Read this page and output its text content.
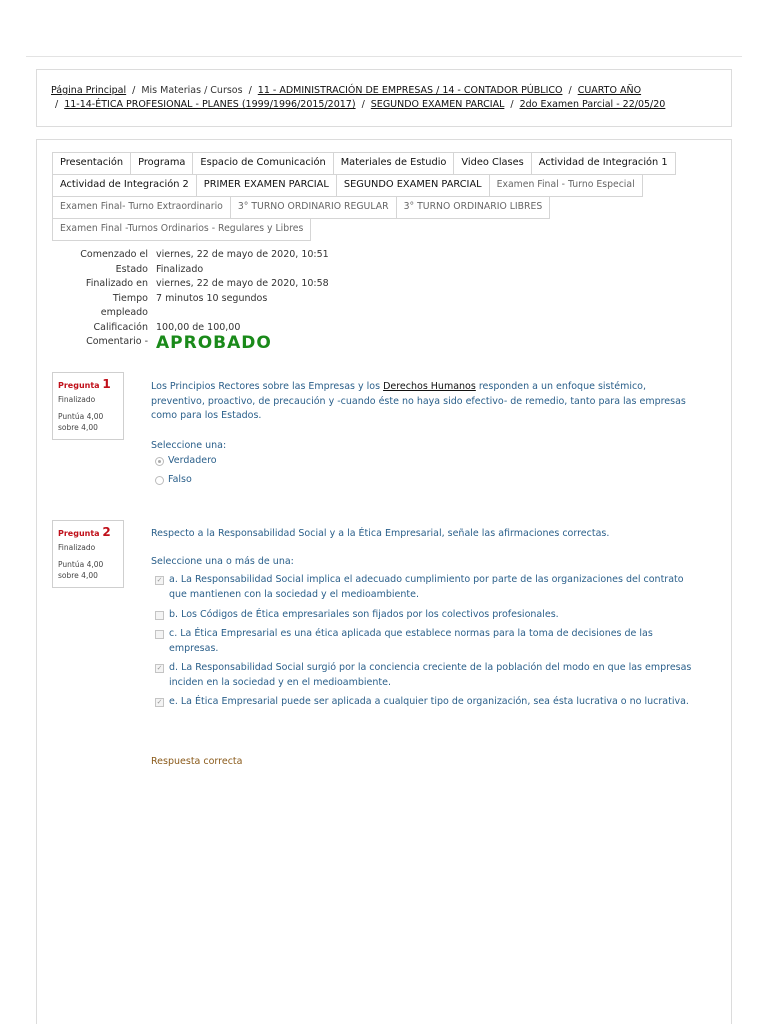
Página Principal / Mis Materias / Cursos / 11 - ADMINISTRACIÓN DE EMPRESAS / 14 - CONTADOR PÚBLICO / CUARTO AÑO
/ 11-14-ÉTICA PROFESIONAL - PLANES (1999/1996/2015/2017) / SEGUNDO EXAMEN PARCIAL / 2do Examen Parcial - 22/05/20
Presentación	Programa	Espacio de Comunicación	Materiales de Estudio	Video Clases	Actividad de Integración 1
Actividad de Integración 2	PRIMER EXAMEN PARCIAL	SEGUNDO EXAMEN PARCIAL	Examen Final - Turno Especial
Examen Final- Turno Extraordinario	3° TURNO ORDINARIO REGULAR	3° TURNO ORDINARIO LIBRES
Examen Final -Turnos Ordinarios - Regulares y Libres
Comenzado el viernes, 22 de mayo de 2020, 10:51
Estado Finalizado
Finalizado en viernes, 22 de mayo de 2020, 10:58
Tiempo
empleado
7 minutos 10 segundos
Calificación 100,00 de 100,00
Comentario - APROBADO
Pregunta 1
Finalizado
Puntúa 4,00
sobre 4,00
Los Principios Rectores sobre las Empresas y los Derechos Humanos responden a un enfoque sistémico, preventivo, proactivo, de precaución y -cuando éste no haya sido efectivo- de remedio, tanto para las empresas como para los Estados.
Seleccione una:
Verdadero
Falso
Pregunta 2
Finalizado
Puntúa 4,00
sobre 4,00
Respecto a la Responsabilidad Social y a la Ética Empresarial, señale las afirmaciones correctas.
Seleccione una o más de una:
✓ a. La Responsabilidad Social implica el adecuado cumplimiento por parte de las organizaciones del contrato que mantienen con la sociedad y el medioambiente.
b. Los Códigos de Ética empresariales son fijados por los colectivos profesionales.
c. La Ética Empresarial es una ética aplicada que establece normas para la toma de decisiones de las empresas.
✓ d. La Responsabilidad Social surgió por la conciencia creciente de la población del modo en que las empresas inciden en la sociedad y en el medioambiente.
✓ e. La Ética Empresarial puede ser aplicada a cualquier tipo de organización, sea ésta lucrativa o no lucrativa.
Respuesta correcta
